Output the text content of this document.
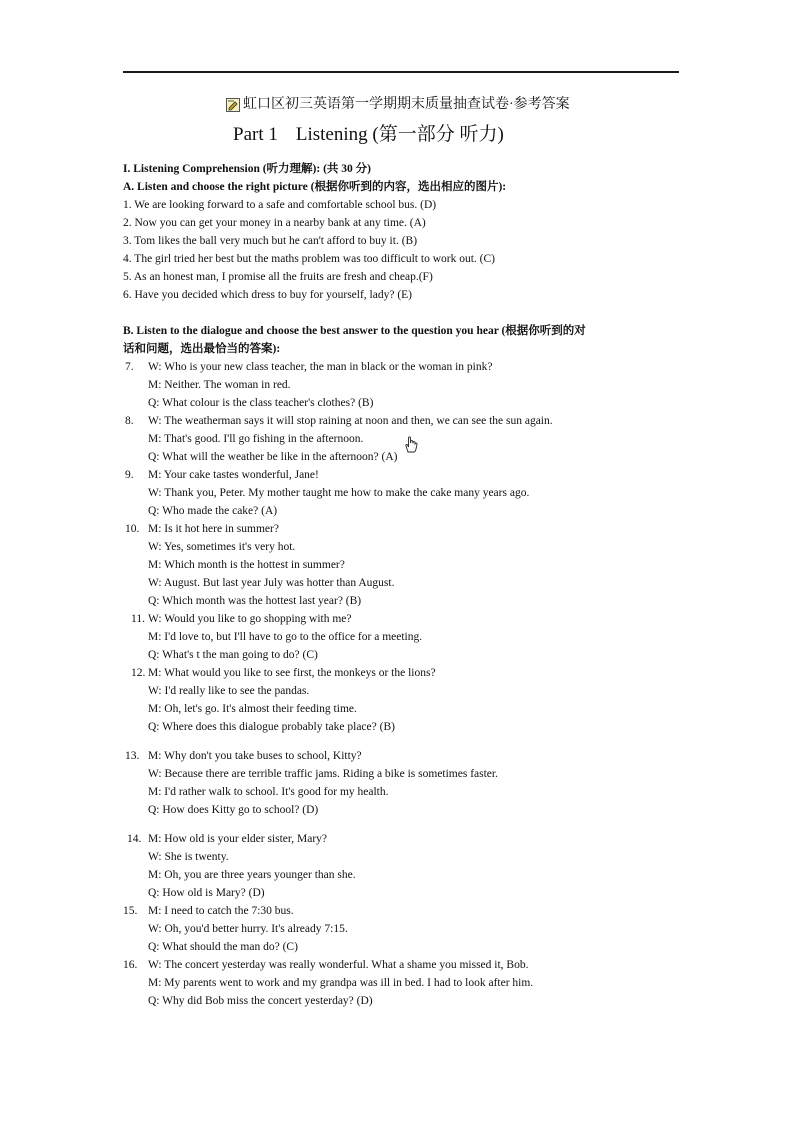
虹口区初三英语第一学期期末质量抽查试卷·参考答案
Part 1 Listening (第一部分 听力)
I. Listening Comprehension (听力理解): (共 30 分)
A. Listen and choose the right picture (根据你听到的内容，选出相应的图片):
1. We are looking forward to a safe and comfortable school bus. (D)
2. Now you can get your money in a nearby bank at any time. (A)
3. Tom likes the ball very much but he can't afford to buy it. (B)
4. The girl tried her best but the maths problem was too difficult to work out. (C)
5. As an honest man, I promise all the fruits are fresh and cheap.(F)
6. Have you decided which dress to buy for yourself, lady? (E)
B. Listen to the dialogue and choose the best answer to the question you hear (根据你听到的对
话和问题，选出最恰当的答案):
7. W: Who is your new class teacher, the man in black or the woman in pink?
M: Neither. The woman in red.
Q: What colour is the class teacher's clothes? (B)
8. W: The weatherman says it will stop raining at noon and then, we can see the sun again.
M: That's good. I'll go fishing in the afternoon.
Q: What will the weather be like in the afternoon? (A)
9. M: Your cake tastes wonderful, Jane!
W: Thank you, Peter. My mother taught me how to make the cake many years ago.
Q: Who made the cake? (A)
10. M: Is it hot here in summer?
W: Yes, sometimes it's very hot.
M: Which month is the hottest in summer?
W: August. But last year July was hotter than August.
Q: Which month was the hottest last year? (B)
11. W: Would you like to go shopping with me?
M: I'd love to, but I'll have to go to the office for a meeting.
Q: What's t the man going to do? (C)
12. M: What would you like to see first, the monkeys or the lions?
W: I'd really like to see the pandas.
M: Oh, let's go. It's almost their feeding time.
Q: Where does this dialogue probably take place? (B)
13. M: Why don't you take buses to school, Kitty?
W: Because there are terrible traffic jams. Riding a bike is sometimes faster.
M: I'd rather walk to school. It's good for my health.
Q: How does Kitty go to school? (D)
14. M: How old is your elder sister, Mary?
W: She is twenty.
M: Oh, you are three years younger than she.
Q: How old is Mary? (D)
15. M: I need to catch the 7:30 bus.
W: Oh, you'd better hurry. It's already 7:15.
Q: What should the man do? (C)
16. W: The concert yesterday was really wonderful. What a shame you missed it, Bob.
M: My parents went to work and my grandpa was ill in bed. I had to look after him.
Q: Why did Bob miss the concert yesterday? (D)
